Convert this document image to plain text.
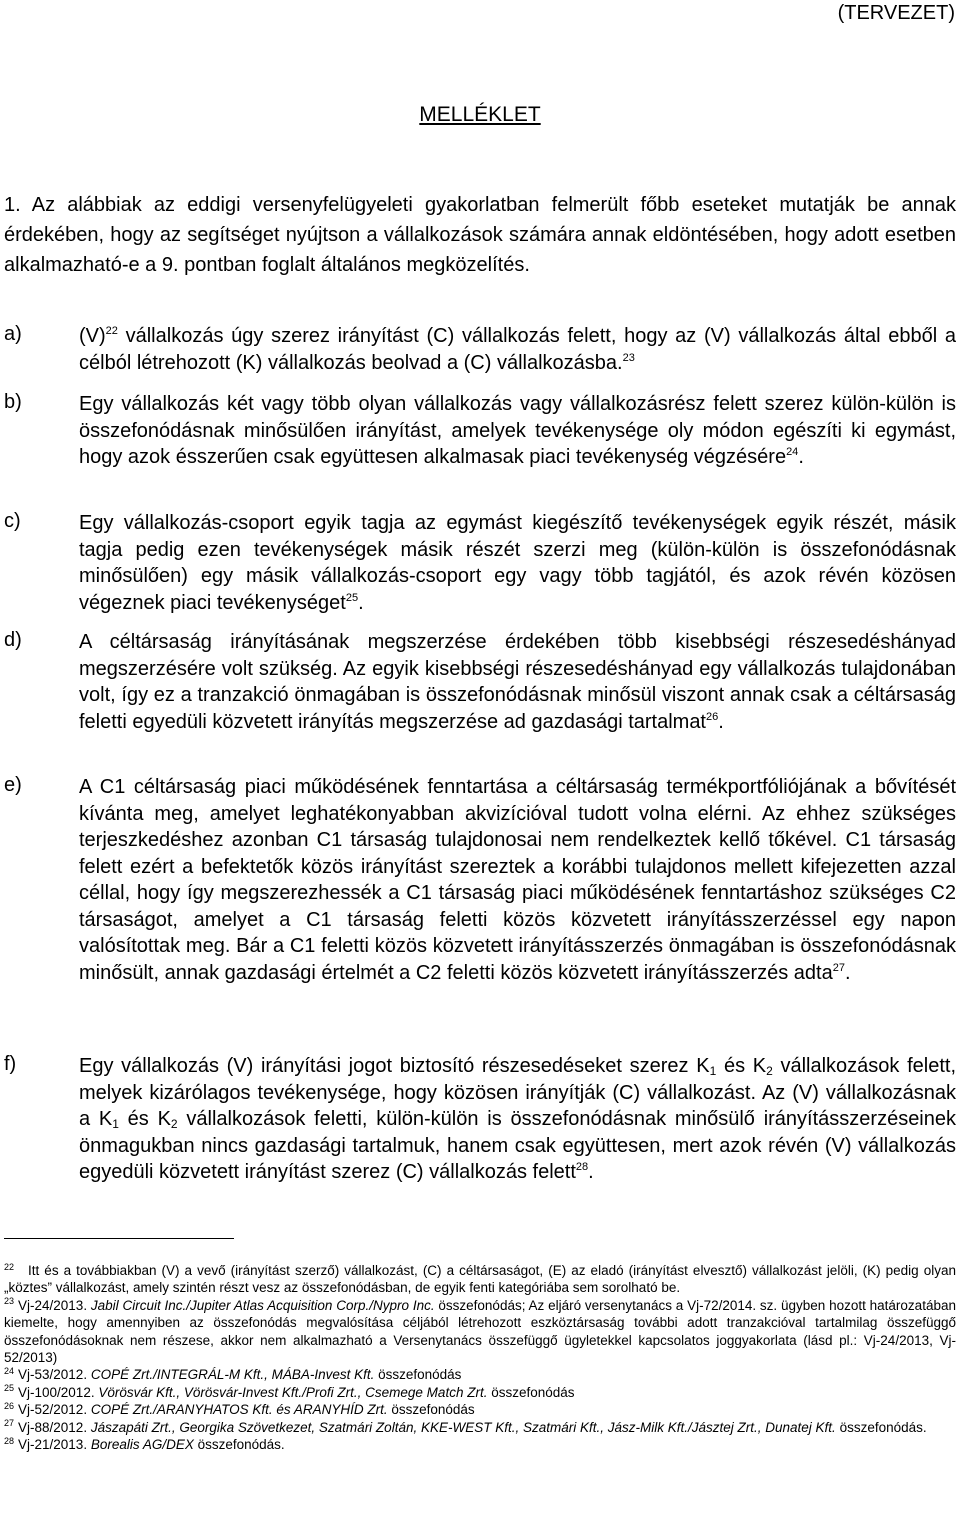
(TERVEZET)
MELLÉKLET
1. Az alábbiak az eddigi versenyfelügyeleti gyakorlatban felmerült főbb eseteket mutatják be annak érdekében, hogy az segítséget nyújtson a vállalkozások számára annak eldöntésében, hogy adott esetben alkalmazható-e a 9. pontban foglalt általános megközelítés.
a)	$(V)^{22}$ vállalkozás úgy szerez irányítást (C) vállalkozás felett, hogy az (V) vállalkozás által ebből a célból létrehozott (K) vállalkozás beolvad a (C) vállalkozásba.$^{23}$
b)	Egy vállalkozás két vagy több olyan vállalkozás vagy vállalkozásrész felett szerez külön-külön is összefonódásnak minősülően irányítást, amelyek tevékenysége oly módon egészíti ki egymást, hogy azok ésszerűen csak együttesen alkalmasak piaci tevékenység végzésére$^{24}$.
c)	Egy vállalkozás-csoport egyik tagja az egymást kiegészítő tevékenységek egyik részét, másik tagja pedig ezen tevékenységek másik részét szerzi meg (külön-külön is összefonódásnak minősülően) egy másik vállalkozás-csoport egy vagy több tagjától, és azok révén közösen végeznek piaci tevékenységet$^{25}$.
d)	A céltársaság irányításának megszerzése érdekében több kisebbségi részesedéshányad megszerzésére volt szükség. Az egyik kisebbségi részesedéshányad egy vállalkozás tulajdonában volt, így ez a tranzakció önmagában is összefonódásnak minősül viszont annak csak a céltársaság feletti egyedüli közvetett irányítás megszerzése ad gazdasági tartalmat$^{26}$.
e)	A C1 céltársaság piaci működésének fenntartása a céltársaság termékportfóliójának a bővítését kívánta meg, amelyet leghatékonyabban akvizícióval tudott volna elérni. Az ehhez szükséges terjeszkedéshez azonban C1 társaság tulajdonosai nem rendelkeztek kellő tőkével. C1 társaság felett ezért a befektetők közös irányítást szereztek a korábbi tulajdonos mellett kifejezetten azzal céllal, hogy így megszerezhessék a C1 társaság piaci működésének fenntartáshoz szükséges C2 társaságot, amelyet a C1 társaság feletti közös közvetett irányításszerzéssel egy napon valósítottak meg. Bár a C1 feletti közös közvetett irányításszerzés önmagában is összefonódásnak minősült, annak gazdasági értelmét a C2 feletti közös közvetett irányításszerzés adta$^{27}$.
f)	Egy vállalkozás (V) irányítási jogot biztosító részesedéseket szerez $K_1$ és $K_2$ vállalkozások felett, melyek kizárólagos tevékenysége, hogy közösen irányítják (C) vállalkozást. Az (V) vállalkozásnak a $K_1$ és $K_2$ vállalkozások feletti, külön-külön is összefonódásnak minősülő irányításszerzéseinek önmagukban nincs gazdasági tartalmuk, hanem csak együttesen, mert azok révén (V) vállalkozás egyedüli közvetett irányítást szerez (C) vállalkozás felett$^{28}$.
$^{22}$ Itt és a továbbiakban (V) a vevő (irányítást szerző) vállalkozást, (C) a céltársaságot, (E) az eladó (irányítást elvesztő) vállalkozást jelöli, (K) pedig olyan „köztes” vállalkozást, amely szintén részt vesz az összefonódásban, de egyik fenti kategóriába sem sorolható be.
$^{23}$ Vj-24/2013. Jabil Circuit Inc./Jupiter Atlas Acquisition Corp./Nypro Inc. összefonódás; Az eljáró versenytanács a Vj-72/2014. sz. ügyben hozott határozatában kiemelte, hogy amennyiben az összefonódás megvalósítása céljából létrehozott eszköztársaság további adott tranzakcióval tartalmilag összefüggő összefonódásoknak nem részese, akkor nem alkalmazható a Versenytanács összefüggő ügyletekkel kapcsolatos joggyakorlata (lásd pl.: Vj-24/2013, Vj-52/2013)
$^{24}$ Vj-53/2012. COPÉ Zrt./INTEGRÁL-M Kft., MÁBA-Invest Kft. összefonódás
$^{25}$ Vj-100/2012. Vörösvár Kft., Vörösvár-Invest Kft./Profi Zrt., Csemege Match Zrt. összefonódás
$^{26}$ Vj-52/2012. COPÉ Zrt./ARANYHATOS Kft. és ARANYHÍD Zrt. összefonódás
$^{27}$ Vj-88/2012. Jászapáti Zrt., Georgika Szövetkezet, Szatmári Zoltán, KKE-WEST Kft., Szatmári Kft., Jász-Milk Kft./Jásztej Zrt., Dunatej Kft. összefonódás.
$^{28}$ Vj-21/2013. Borealis AG/DEX összefonódás.
